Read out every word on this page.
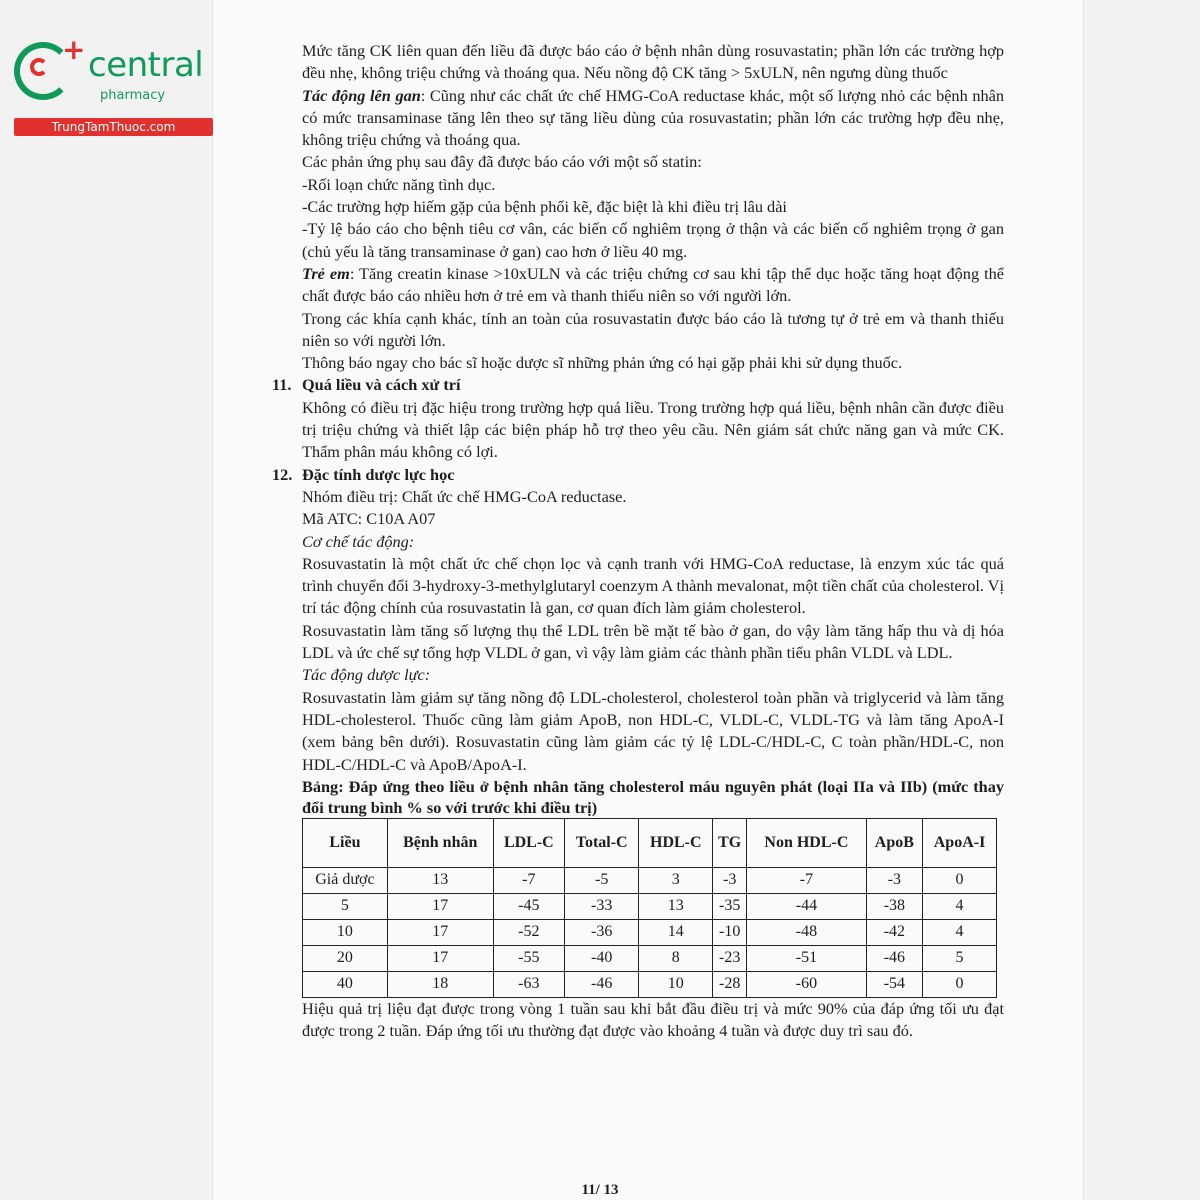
+ central
pharmacy
TrungTamThuoc.com

Mức tăng CK liên quan đến liều đã được báo cáo ở bệnh nhân dùng rosuvastatin; phần lớn các trường hợp đều nhẹ, không triệu chứng và thoáng qua. Nếu nồng độ CK tăng > 5xULN, nên ngưng dùng thuốc

Tác động lên gan: Cũng như các chất ức chế HMG-CoA reductase khác, một số lượng nhỏ các bệnh nhân có mức transaminase tăng lên theo sự tăng liều dùng của rosuvastatin; phần lớn các trường hợp đều nhẹ, không triệu chứng và thoáng qua.

Các phản ứng phụ sau đây đã được báo cáo với một số statin:

-Rối loạn chức năng tình dục.

-Các trường hợp hiếm gặp của bệnh phổi kẽ, đặc biệt là khi điều trị lâu dài

-Tỷ lệ báo cáo cho bệnh tiêu cơ vân, các biến cố nghiêm trọng ở thận và các biến cố nghiêm trọng ở gan (chủ yếu là tăng transaminase ở gan) cao hơn ở liều 40 mg.

Trẻ em: Tăng creatin kinase >10xULN và các triệu chứng cơ sau khi tập thể dục hoặc tăng hoạt động thể chất được báo cáo nhiều hơn ở trẻ em và thanh thiếu niên so với người lớn.

Trong các khía cạnh khác, tính an toàn của rosuvastatin được báo cáo là tương tự ở trẻ em và thanh thiếu niên so với người lớn.

Thông báo ngay cho bác sĩ hoặc dược sĩ những phản ứng có hại gặp phải khi sử dụng thuốc.

11. Quá liều và cách xử trí

Không có điều trị đặc hiệu trong trường hợp quá liều. Trong trường hợp quá liều, bệnh nhân cần được điều trị triệu chứng và thiết lập các biện pháp hỗ trợ theo yêu cầu. Nên giám sát chức năng gan và mức CK. Thẩm phân máu không có lợi.

12. Đặc tính dược lực học

Nhóm điều trị: Chất ức chế HMG-CoA reductase.

Mã ATC: C10A A07

Cơ chế tác động:

Rosuvastatin là một chất ức chế chọn lọc và cạnh tranh với HMG-CoA reductase, là enzym xúc tác quá trình chuyển đổi 3-hydroxy-3-methylglutaryl coenzym A thành mevalonat, một tiền chất của cholesterol. Vị trí tác động chính của rosuvastatin là gan, cơ quan đích làm giảm cholesterol.

Rosuvastatin làm tăng số lượng thụ thể LDL trên bề mặt tế bào ở gan, do vậy làm tăng hấp thu và dị hóa LDL và ức chế sự tổng hợp VLDL ở gan, vì vậy làm giảm các thành phần tiểu phân VLDL và LDL.

Tác động dược lực:

Rosuvastatin làm giảm sự tăng nồng độ LDL-cholesterol, cholesterol toàn phần và triglycerid và làm tăng HDL-cholesterol. Thuốc cũng làm giảm ApoB, non HDL-C, VLDL-C, VLDL-TG và làm tăng ApoA-I (xem bảng bên dưới). Rosuvastatin cũng làm giảm các tỷ lệ LDL-C/HDL-C, C toàn phần/HDL-C, non HDL-C/HDL-C và ApoB/ApoA-I.

Bảng: Đáp ứng theo liều ở bệnh nhân tăng cholesterol máu nguyên phát (loại IIa và IIb) (mức thay đổi trung bình % so với trước khi điều trị)

Liều	Bệnh nhân	LDL-C	Total-C	HDL-C	TG	Non HDL-C	ApoB	ApoA-I
Giả dược	13	-7	-5	3	-3	-7	-3	0
5	17	-45	-33	13	-35	-44	-38	4
10	17	-52	-36	14	-10	-48	-42	4
20	17	-55	-40	8	-23	-51	-46	5
40	18	-63	-46	10	-28	-60	-54	0

Hiệu quả trị liệu đạt được trong vòng 1 tuần sau khi bắt đầu điều trị và mức 90% của đáp ứng tối ưu đạt được trong 2 tuần. Đáp ứng tối ưu thường đạt được vào khoảng 4 tuần và được duy trì sau đó.

11/ 13
